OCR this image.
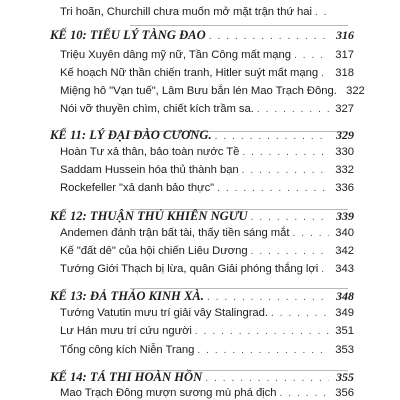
Tri hoãn, Churchill chưa muốn mở mặt trận thứ hai
. . .
KẾ 10: TIẾU LÝ TÀNG ĐAO . . .	316
Triệu Xuyên dâng mỹ nữ, Tần Công mất mạng . . .	317
Kế hoạch Nữ thần chiến tranh, Hitler suýt mất mạng . . . 318
Miệng hô "Vạn tuế", Lâm Bưu bắn lén Mao Trạch Đông. 322
Nói vỡ thuyền chìm, chiết kích trầm sa. . . .	327
KẾ 11: LÝ ĐẠI ĐÀO CƯƠNG. . . .	329
Hoàn Tư xả thân, bảo toàn nước Tề . . .	330
Saddam Hussein hóa thủ thành bạn . . .	332
Rockefeller "xả danh bảo thực" . . .	336
KẾ 12: THUẬN THỦ KHIÊN NGƯU . . .	339
Andemen đánh trận bất tài, thấy tiền sáng mắt . . .	340
Kế "đất dê" của hội chiến Liêu Dương . . .	342
Tướng Giới Thạch bị lừa, quân Giải phóng thắng lợi . . . 343
KẾ 13: ĐẢ THẢO KINH XÀ. . . .	348
Tướng Vatutin mưu trí giải vây Stalingrad. . . .	349
Lư Hán mưu trí cứu người . . .	351
Tổng công kích Niễn Trang . . .	353
KẾ 14: TÁ THI HOÀN HỒN . . .	355
Mao Trạch Đông mượn sương mù phá địch . . .	356
